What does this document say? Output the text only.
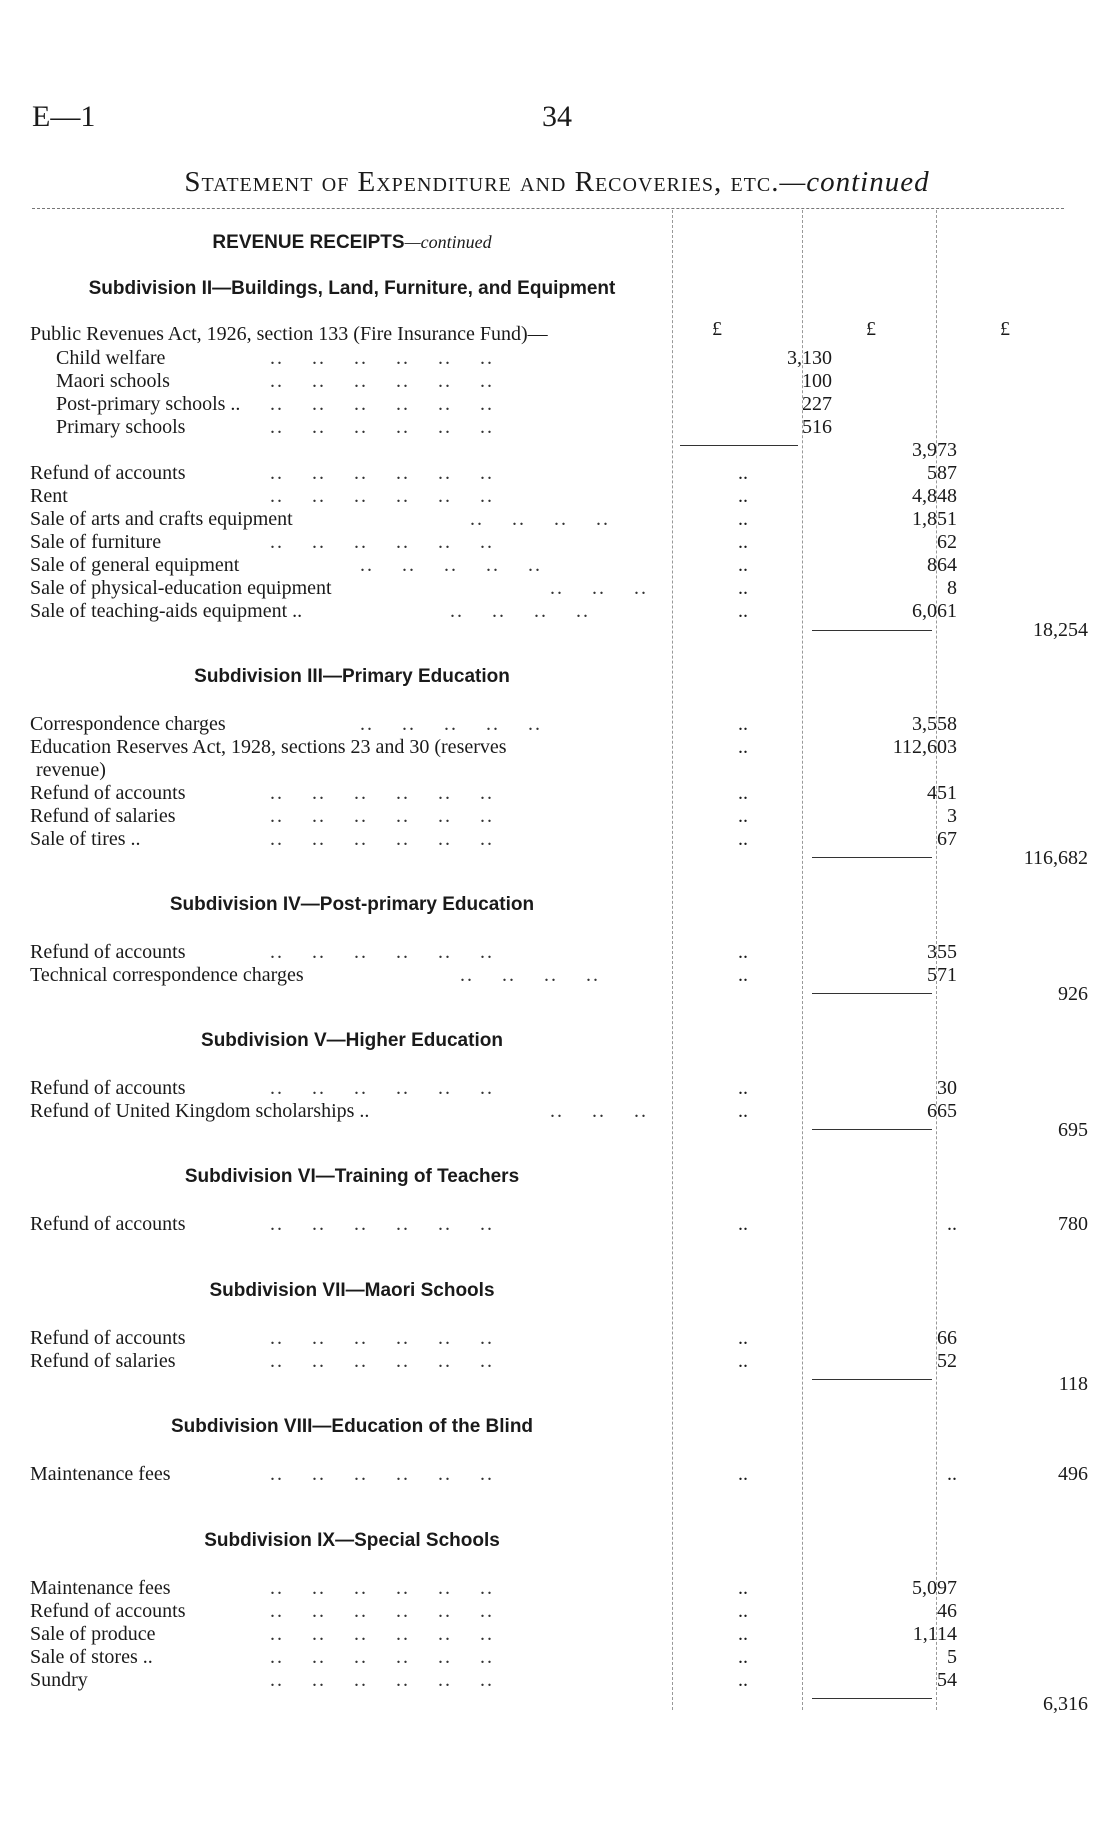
E—1	34
Statement of Expenditure and Recoveries, etc.—continued
REVENUE RECEIPTS—continued
Subdivision II—Buildings, Land, Furniture, and Equipment
£	£	£
Public Revenues Act, 1926, section 133 (Fire Insurance Fund)—
Child welfare	..    ..    ..    ..    ..    ..	3,130
Maori schools	..    ..    ..    ..    ..    ..	100
Post-primary schools .. ..    ..    ..    ..    ..    ..	227
Primary schools	..    ..    ..    ..    ..    ..	516
3,973
Refund of accounts	..    ..    ..    ..    ..    ..	..	587
Rent	..    ..    ..    ..    ..    ..	..	4,848
Sale of arts and crafts equipment	..    ..    ..    ..	..	1,851
Sale of furniture	..    ..    ..    ..    ..    ..	..	62
Sale of general equipment	..    ..    ..    ..    ..	..	864
Sale of physical-education equipment	..    ..    ..	..	8
Sale of teaching-aids equipment ..	..    ..    ..    ..	..	6,061
18,254
Subdivision III—Primary Education
Correspondence charges	..    ..    ..    ..    ..	..	3,558
Education Reserves Act, 1928, sections 23 and 30 (reserves	..	112,603
revenue)
Refund of accounts	..    ..    ..    ..    ..    ..	..	451
Refund of salaries	..    ..    ..    ..    ..    ..	..	3
Sale of tires ..	..    ..    ..    ..    ..    ..	..	67
116,682
Subdivision IV—Post-primary Education
Refund of accounts	..    ..    ..    ..    ..    ..	..	355
Technical correspondence charges	..    ..    ..    ..	..	571
926
Subdivision V—Higher Education
Refund of accounts	..    ..    ..    ..    ..    ..	..	30
Refund of United Kingdom scholarships ..	..    ..    ..	..	665
695
Subdivision VI—Training of Teachers
Refund of accounts	..    ..    ..    ..    ..    ..	..	..	780
Subdivision VII—Maori Schools
Refund of accounts	..    ..    ..    ..    ..    ..	..	66
Refund of salaries	..    ..    ..    ..    ..    ..	..	52
118
Subdivision VIII—Education of the Blind
Maintenance fees	..    ..    ..    ..    ..    ..	..	..	496
Subdivision IX—Special Schools
Maintenance fees	..    ..    ..    ..    ..    ..	..	5,097
Refund of accounts	..    ..    ..    ..    ..    ..	..	46
Sale of produce	..    ..    ..    ..    ..    ..	..	1,114
Sale of stores ..	..    ..    ..    ..    ..    ..	..	5
Sundry	..    ..    ..    ..    ..    ..	..	54
6,316
